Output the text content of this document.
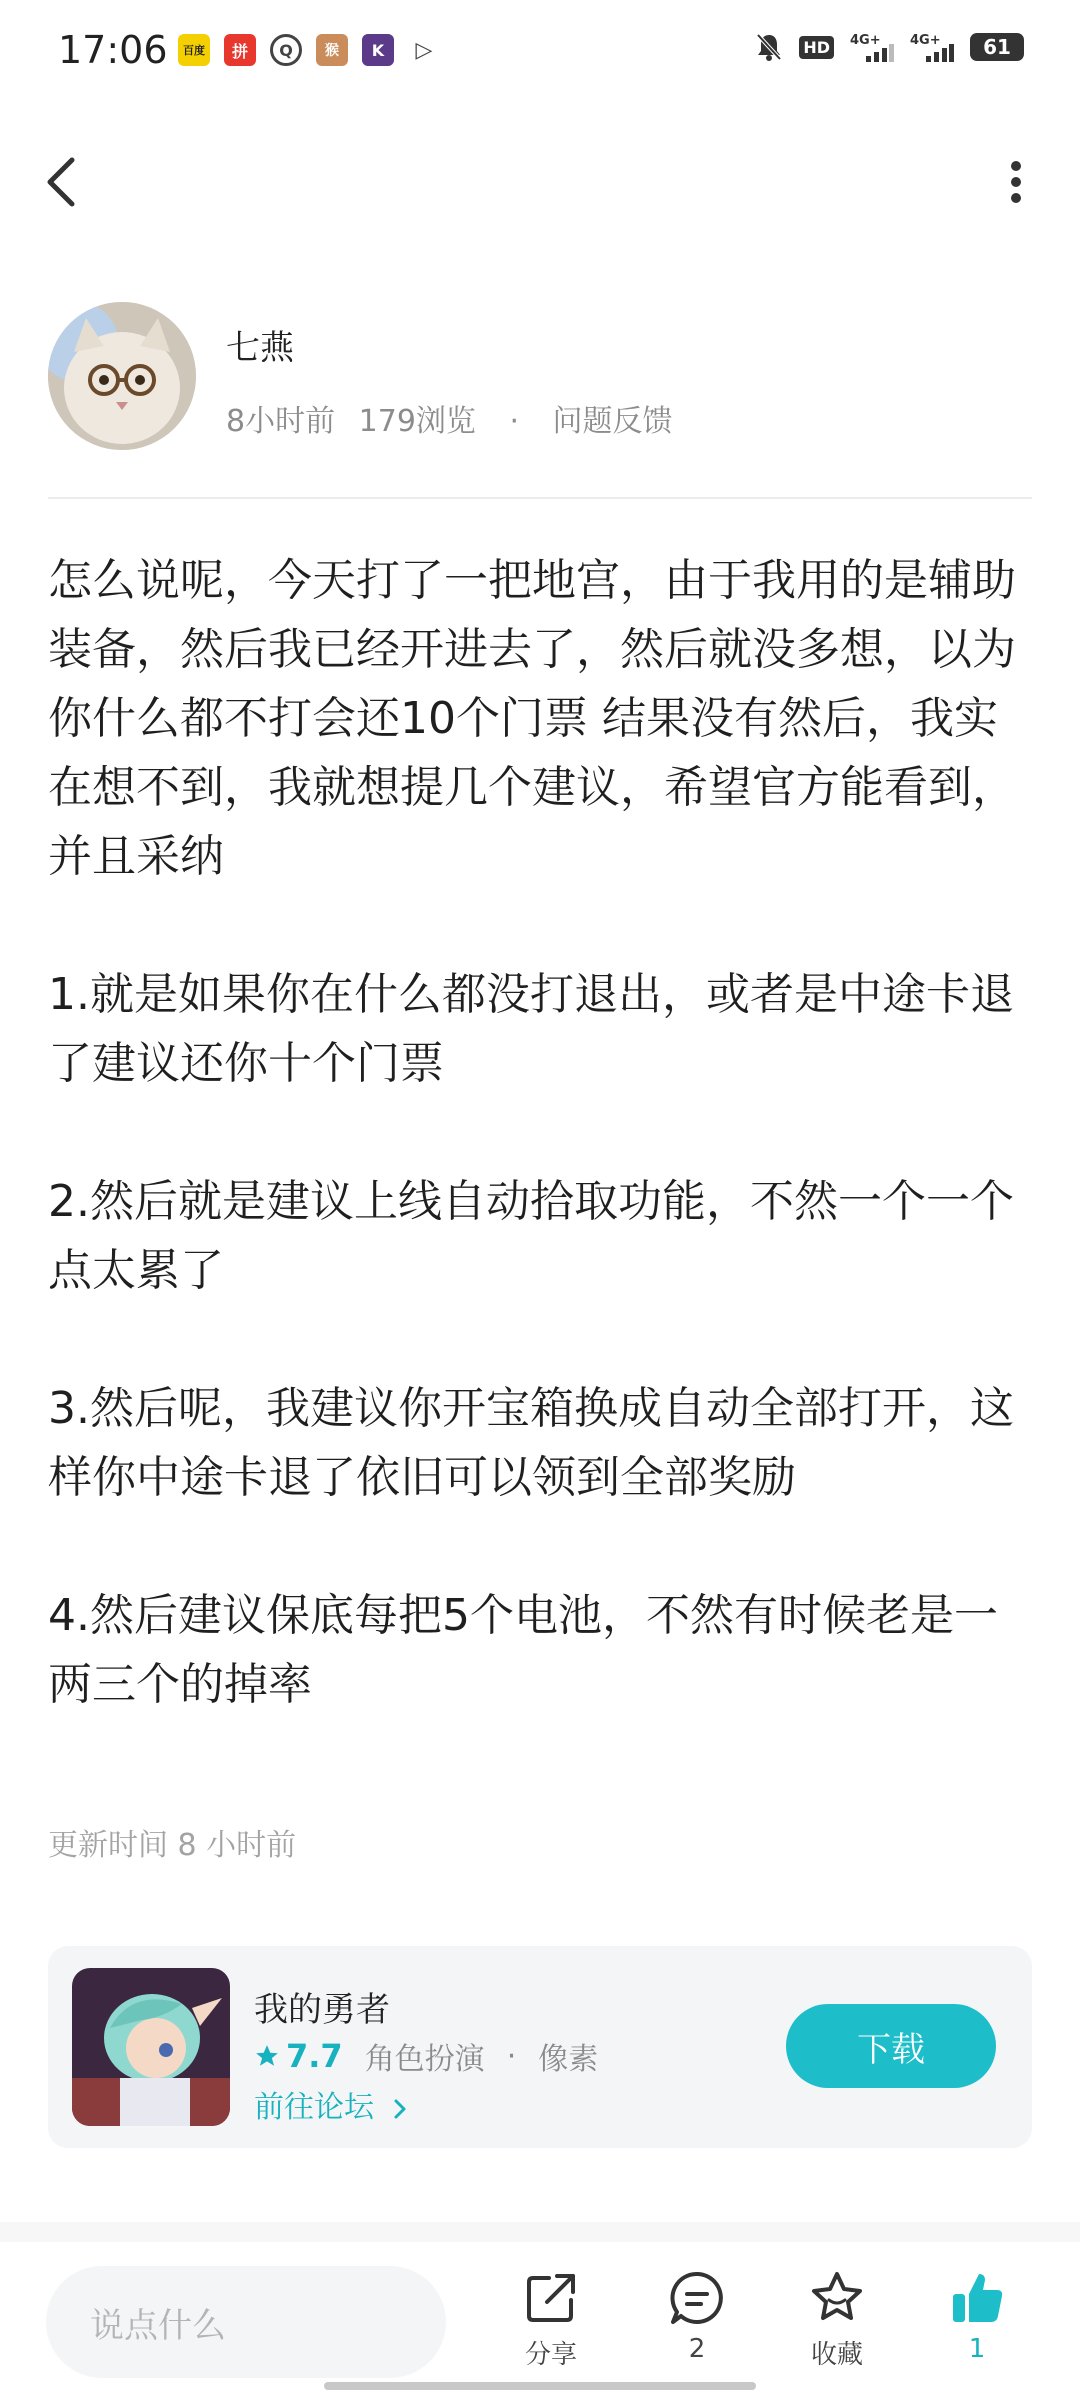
17:06	百度	拼	Q	猴	K	▷	HD	4G+ 4G+	61
七燕
8小时前 179浏览 · 问题反馈

怎么说呢，今天打了一把地宫，由于我用的是辅助装备，然后我已经开进去了，然后就没多想，以为你什么都不打会还10个门票 结果没有然后，我实在想不到，我就想提几个建议，希望官方能看到，并且采纳

1.就是如果你在什么都没打退出，或者是中途卡退了建议还你十个门票

2.然后就是建议上线自动拾取功能，不然一个一个点太累了

3.然后呢，我建议你开宝箱换成自动全部打开，这样你中途卡退了依旧可以领到全部奖励

4.然后建议保底每把5个电池，不然有时候老是一两三个的掉率

更新时间 8 小时前
我的勇者
7.7 角色扮演 · 像素
前往论坛
下载
说点什么
分享	2	收藏	1
